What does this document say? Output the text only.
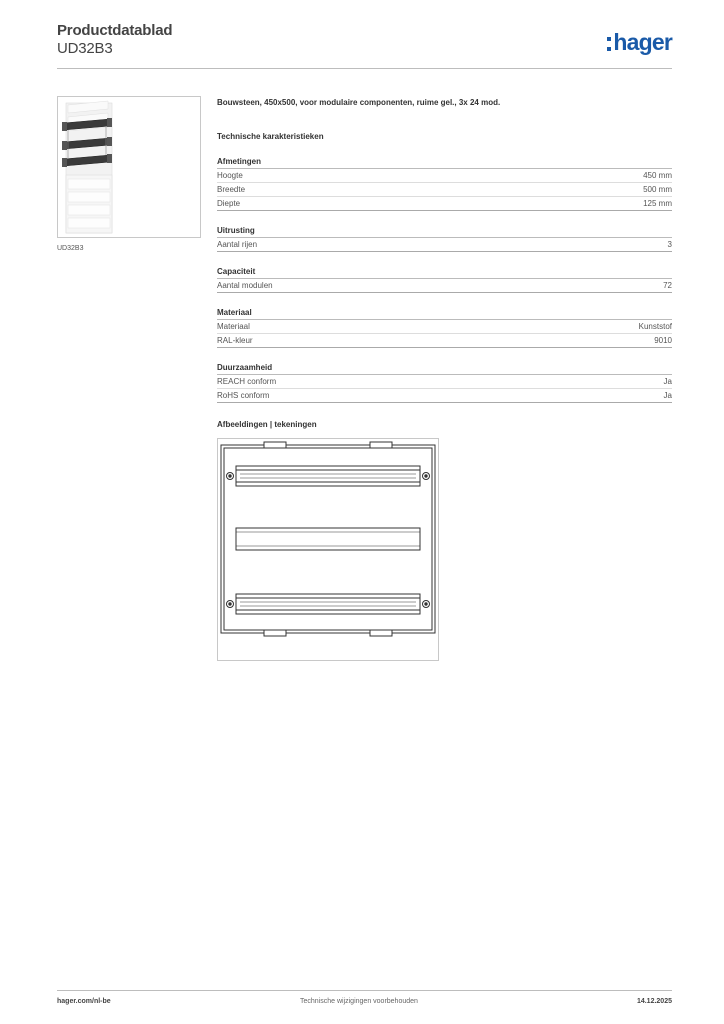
Productdatablad
UD32B3	hager
UD32B3
Bouwsteen, 450x500, voor modulaire componenten, ruime gel., 3x 24 mod.
Technische karakteristieken
Afmetingen
Hoogte	450 mm
Breedte	500 mm
Diepte	125 mm
Uitrusting
Aantal rijen	3
Capaciteit
Aantal modulen	72
Materiaal
Materiaal	Kunststof
RAL-kleur	9010
Duurzaamheid
REACH conform	Ja
RoHS conform	Ja
Afbeeldingen | tekeningen
hager.com/nl-be	Technische wijzigingen voorbehouden	14.12.2025
